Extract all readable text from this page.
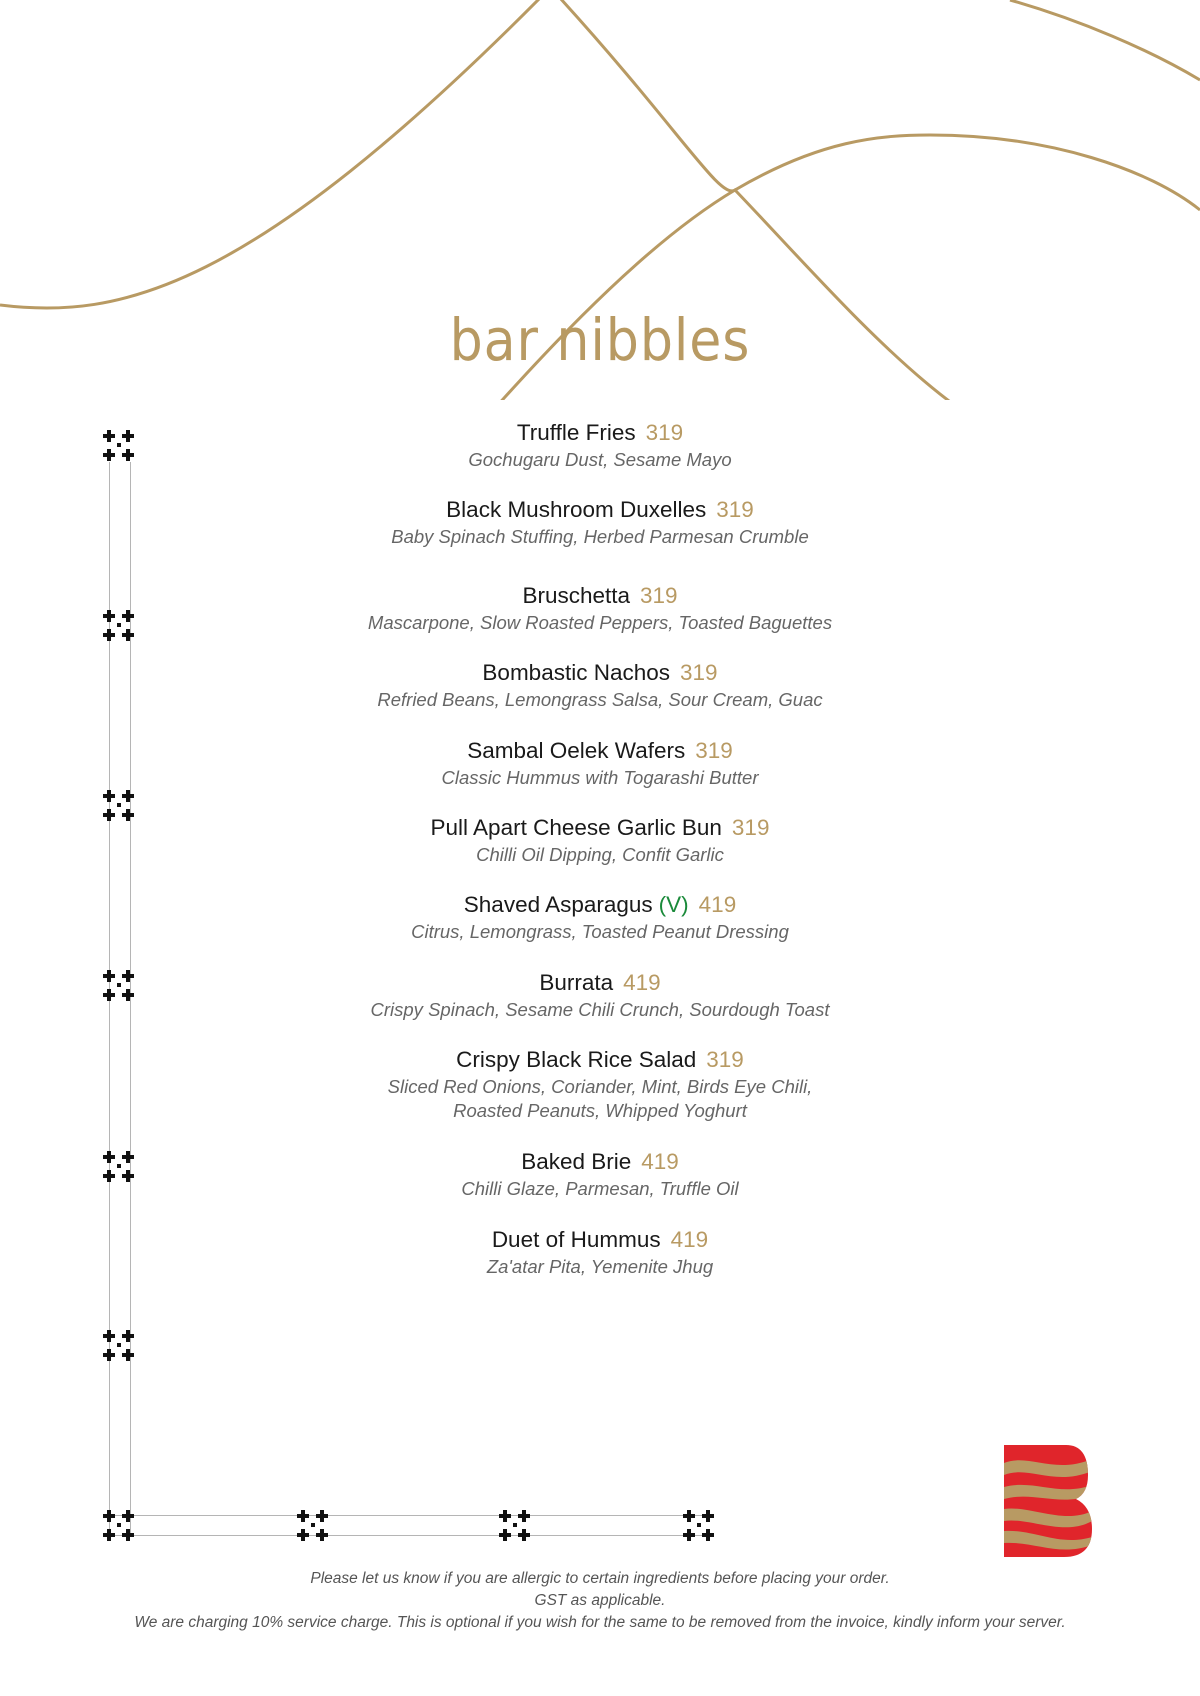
bar nibbles
Truffle Fries 319
Gochugaru Dust, Sesame Mayo
Black Mushroom Duxelles 319
Baby Spinach Stuffing, Herbed Parmesan Crumble
Bruschetta 319
Mascarpone, Slow Roasted Peppers, Toasted Baguettes
Bombastic Nachos 319
Refried Beans, Lemongrass Salsa, Sour Cream, Guac
Sambal Oelek Wafers 319
Classic Hummus with Togarashi Butter
Pull Apart Cheese Garlic Bun 319
Chilli Oil Dipping, Confit Garlic
Shaved Asparagus (V) 419
Citrus, Lemongrass, Toasted Peanut Dressing
Burrata 419
Crispy Spinach, Sesame Chili Crunch, Sourdough Toast
Crispy Black Rice Salad 319
Sliced Red Onions, Coriander, Mint, Birds Eye Chili,
Roasted Peanuts, Whipped Yoghurt
Baked Brie 419
Chilli Glaze, Parmesan, Truffle Oil
Duet of Hummus 419
Za'atar Pita, Yemenite Jhug
Please let us know if you are allergic to certain ingredients before placing your order.
GST as applicable.
We are charging 10% service charge. This is optional if you wish for the same to be removed from the invoice, kindly inform your server.
